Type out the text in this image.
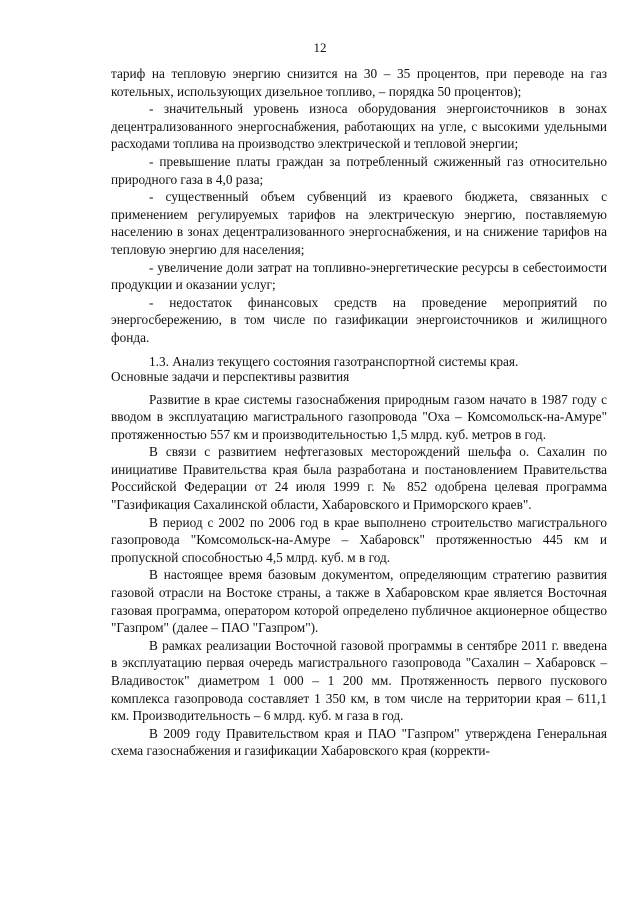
12

тариф на тепловую энергию снизится на 30 – 35 процентов, при переводе на газ котельных, использующих дизельное топливо, – порядка 50 процентов);

- значительный уровень износа оборудования энергоисточников в зонах децентрализованного энергоснабжения, работающих на угле, с высокими удельными расходами топлива на производство электрической и тепловой энергии;

- превышение платы граждан за потребленный сжиженный газ относительно природного газа в 4,0 раза;

- существенный объем субвенций из краевого бюджета, связанных с применением регулируемых тарифов на электрическую энергию, поставляемую населению в зонах децентрализованного энергоснабжения, и на снижение тарифов на тепловую энергию для населения;

- увеличение доли затрат на топливно-энергетические ресурсы в себестоимости продукции и оказании услуг;

- недостаток финансовых средств на проведение мероприятий по энергосбережению, в том числе по газификации энергоисточников и жилищного фонда.

1.3. Анализ текущего состояния газотранспортной системы края.
Основные задачи и перспективы развития

Развитие в крае системы газоснабжения природным газом начато в 1987 году с вводом в эксплуатацию магистрального газопровода "Оха – Комсомольск-на-Амуре" протяженностью 557 км и производительностью 1,5 млрд. куб. метров в год.

В связи с развитием нефтегазовых месторождений шельфа о. Сахалин по инициативе Правительства края была разработана и постановлением Правительства Российской Федерации от 24 июля 1999 г. № 852 одобрена целевая программа "Газификация Сахалинской области, Хабаровского и Приморского краев".

В период с 2002 по 2006 год в крае выполнено строительство магистрального газопровода "Комсомольск-на-Амуре – Хабаровск" протяженностью 445 км и пропускной способностью 4,5 млрд. куб. м в год.

В настоящее время базовым документом, определяющим стратегию развития газовой отрасли на Востоке страны, а также в Хабаровском крае является Восточная газовая программа, оператором которой определено публичное акционерное общество "Газпром" (далее – ПАО "Газпром").

В рамках реализации Восточной газовой программы в сентябре 2011 г. введена в эксплуатацию первая очередь магистрального газопровода "Сахалин – Хабаровск – Владивосток" диаметром 1 000 – 1 200 мм. Протяженность первого пускового комплекса газопровода составляет 1 350 км, в том числе на территории края – 611,1 км. Производительность – 6 млрд. куб. м газа в год.

В 2009 году Правительством края и ПАО "Газпром" утверждена Генеральная схема газоснабжения и газификации Хабаровского края (корректи-
